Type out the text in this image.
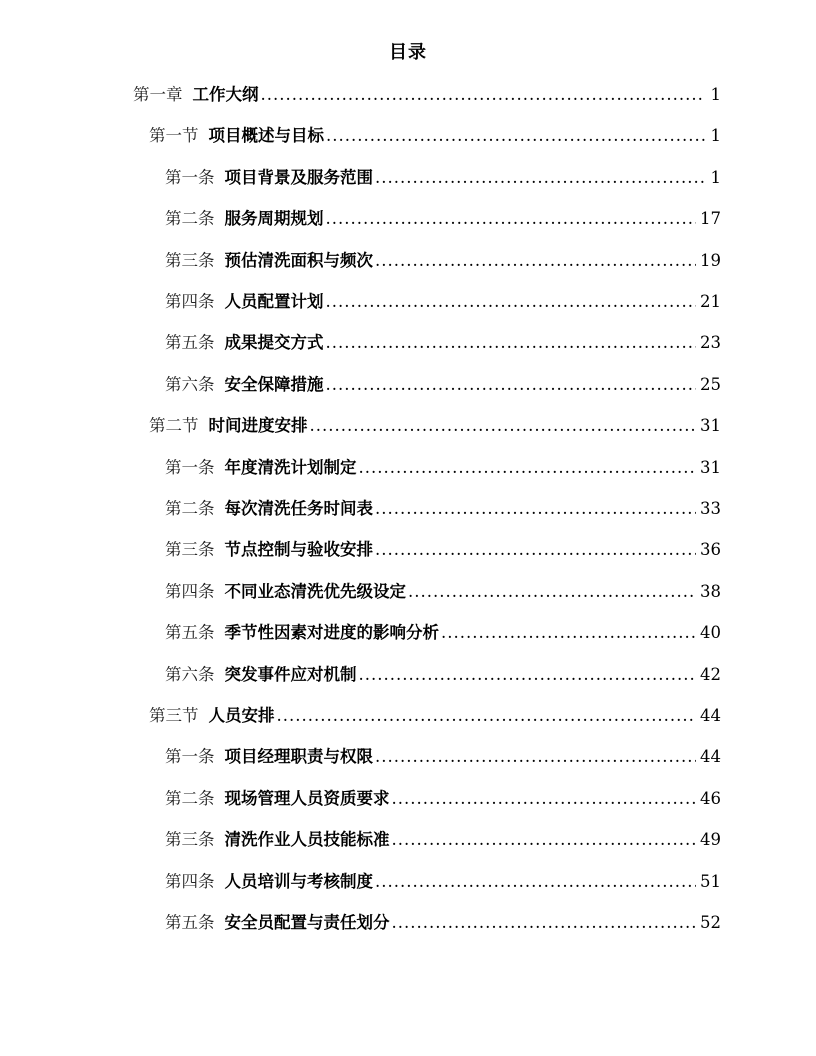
目录
第一章 工作大纲 .....	1
第一节 项目概述与目标 .....	1
第一条 项目背景及服务范围 .....	1
第二条 服务周期规划 .....	17
第三条 预估清洗面积与频次 .....	19
第四条 人员配置计划 .....	21
第五条 成果提交方式 .....	23
第六条 安全保障措施 .....	25
第二节 时间进度安排 .....	31
第一条 年度清洗计划制定 .....	31
第二条 每次清洗任务时间表 .....	33
第三条 节点控制与验收安排 .....	36
第四条 不同业态清洗优先级设定 .....	38
第五条 季节性因素对进度的影响分析 .....	40
第六条 突发事件应对机制 .....	42
第三节 人员安排 .....	44
第一条 项目经理职责与权限 .....	44
第二条 现场管理人员资质要求 .....	46
第三条 清洗作业人员技能标准 .....	49
第四条 人员培训与考核制度 .....	51
第五条 安全员配置与责任划分 .....	52
